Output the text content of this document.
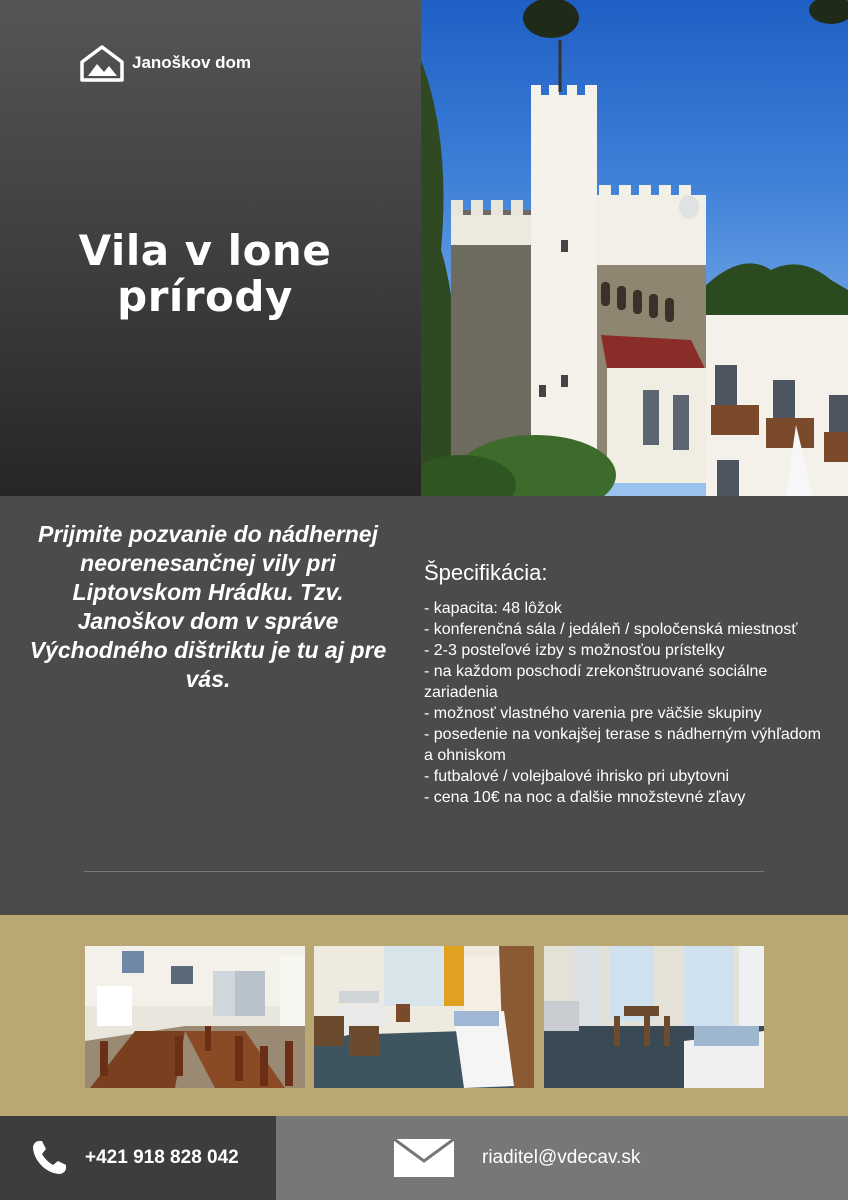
Janoškov dom
Vila v lone
prírody

Prijmite pozvanie do nádhernej neorenesančnej vily pri Liptovskom Hrádku. Tzv. Janoškov dom v správe Východného dištriktu je tu aj pre vás.

Špecifikácia:
- kapacita: 48 lôžok
- konferenčná sála / jedáleň / spoločenská miestnosť
- 2-3 posteľové izby s možnosťou prístelky
- na každom poschodí zrekonštruované sociálne zariadenia
- možnosť vlastného varenia pre väčšie skupiny
- posedenie na vonkajšej terase s nádherným výhľadom a ohniskom
- futbalové / volejbalové ihrisko pri ubytovni
- cena 10€ na noc a ďalšie množstevné zľavy
+421 918 828 042	riaditel@vdecav.sk
